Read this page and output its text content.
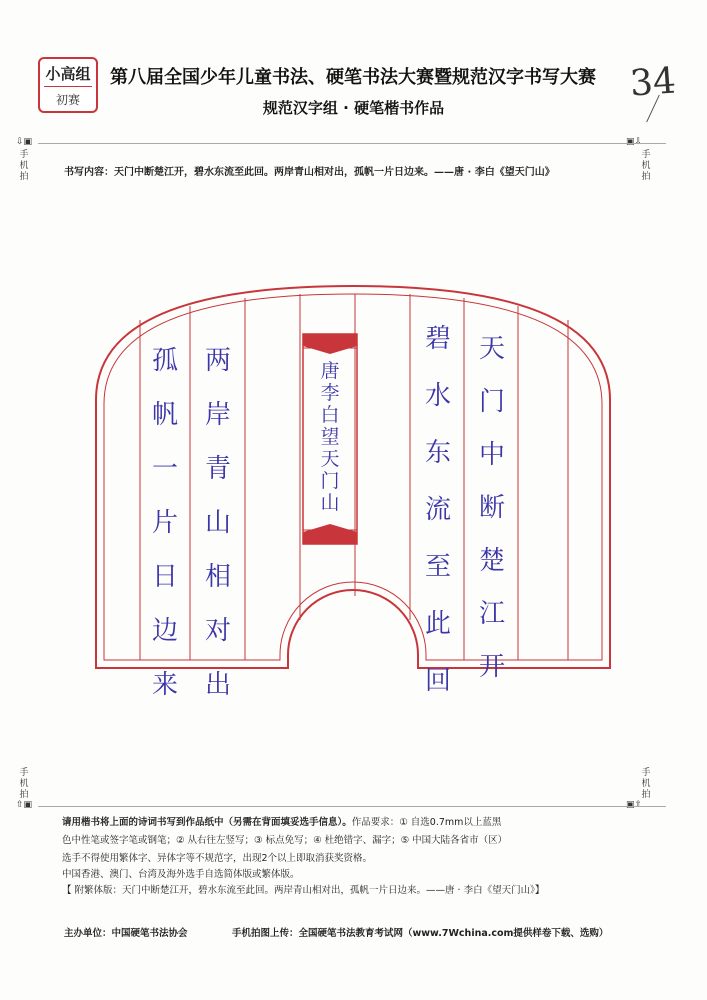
小高组
初赛
第八届全国少年儿童书法、硬笔书法大赛暨规范汉字书写大赛
规范汉字组 · 硬笔楷书作品
34
⇩▣
手
机
拍
▣⇩
手
机
拍
书写内容：天门中断楚江开，碧水东流至此回。两岸青山相对出，孤帆一片日边来。——唐 · 李白《望天门山》
天
门
中
断
楚
江
开
碧
水
东
流
至
此
回
两
岸
青
山
相
对
出
孤
帆
一
片
日
边
来
唐
李
白
望
天
门
山
手
机
拍
⇧▣
手
机
拍
▣⇧
请用楷书将上面的诗词书写到作品纸中（另需在背面填妥选手信息）。作品要求：① 自选0.7mm以上蓝黑
色中性笔或签字笔或钢笔；② 从右往左竖写；③ 标点免写；④ 杜绝错字、漏字；⑤ 中国大陆各省市（区）
选手不得使用繁体字、异体字等不规范字，出现2个以上即取消获奖资格。
中国香港、澳门、台湾及海外选手自选简体版或繁体版。
【 附繁体版：天门中断楚江开，碧水东流至此回。两岸青山相对出，孤帆一片日边来。——唐 · 李白《望天门山》】
主办单位：中国硬笔书法协会	手机拍图上传：全国硬笔书法教育考试网（www.7Wchina.com提供样卷下载、选购）
